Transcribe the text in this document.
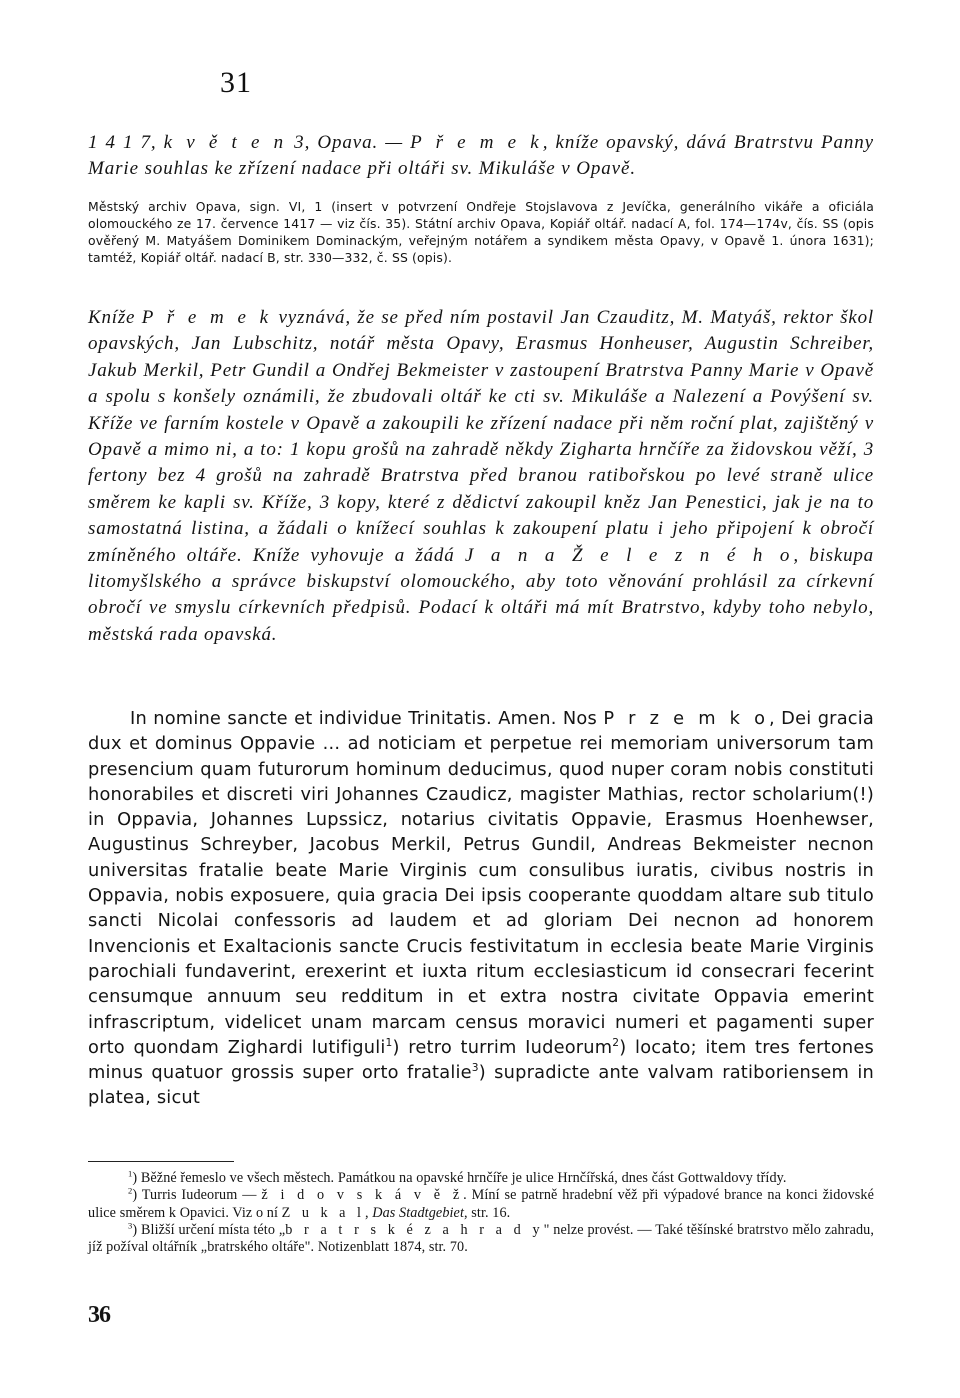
31

1 4 1 7, k v ě t e n 3, Opava. — P ř e m e k, kníže opavský, dává Bratrstvu Panny Marie souhlas ke zřízení nadace při oltáři sv. Mikuláše v Opavě.

Městský archiv Opava, sign. VI, 1 (insert v potvrzení Ondřeje Stojslavova z Jevíčka, generálního vikáře a oficiála olomouckého ze 17. července 1417 — viz čís. 35). Státní archiv Opava, Kopiář oltář. nadací A, fol. 174—174v, čís. SS (opis ověřený M. Matyášem Dominikem Dominackým, veřejným notářem a syndikem města Opavy, v Opavě 1. února 1631); tamtéž, Kopiář oltář. nadací B, str. 330—332, č. SS (opis).

Kníže P ř e m e k vyznává, že se před ním postavil Jan Czauditz, M. Matyáš, rektor škol opavských, Jan Lubschitz, notář města Opavy, Erasmus Honheuser, Augustin Schreiber, Jakub Merkil, Petr Gundil a Ondřej Bekmeister v zastoupení Bratrstva Panny Marie v Opavě a spolu s konšely oznámili, že zbudovali oltář ke cti sv. Mikuláše a Nalezení a Povýšení sv. Kříže ve farním kostele v Opavě a zakoupili ke zřízení nadace při něm roční plat, zajištěný v Opavě a mimo ni, a to: 1 kopu grošů na zahradě někdy Zigharta hrnčíře za židovskou věží, 3 fertony bez 4 grošů na zahradě Bratrstva před branou ratibořskou po levé straně ulice směrem ke kapli sv. Kříže, 3 kopy, které z dědictví zakoupil kněz Jan Penestici, jak je na to samostatná listina, a žádali o knížecí souhlas k zakoupení platu i jeho připojení k obročí zmíněného oltáře. Kníže vyhovuje a žádá J a n a Ž e l e z n é h o, biskupa litomyšlského a správce biskupství olomouckého, aby toto věnování prohlásil za církevní obročí ve smyslu církevních předpisů. Podací k oltáři má mít Bratrstvo, kdyby toho nebylo, městská rada opavská.

In nomine sancte et individue Trinitatis. Amen. Nos P r z e m k o, Dei gracia dux et dominus Oppavie ... ad noticiam et perpetue rei memoriam universorum tam presencium quam futurorum hominum deducimus, quod nuper coram nobis constituti honorabiles et discreti viri Johannes Czaudicz, magister Mathias, rector scholarium(!) in Oppavia, Johannes Lupssicz, notarius civitatis Oppavie, Erasmus Hoenhewser, Augustinus Schreyber, Jacobus Merkil, Petrus Gundil, Andreas Bekmeister necnon universitas fratalie beate Marie Virginis cum consulibus iuratis, civibus nostris in Oppavia, nobis exposuere, quia gracia Dei ipsis cooperante quoddam altare sub titulo sancti Nicolai confessoris ad laudem et ad gloriam Dei necnon ad honorem Invencionis et Exaltacionis sancte Crucis festivitatum in ecclesia beate Marie Virginis parochiali fundaverint, erexerint et iuxta ritum ecclesiasticum id consecrari fecerint censumque annuum seu redditum in et extra nostra civitate Oppavia emerint infrascriptum, videlicet unam marcam census moravici numeri et pagamenti super orto quondam Zighardi lutifiguli$^1$) retro turrim Iudeorum$^2$) locato; item tres fertones minus quatuor grossis super orto fratalie$^3$) supradicte ante valvam ratiboriensem in platea, sicut

$^1$) Běžné řemeslo ve všech městech. Památkou na opavské hrnčíře je ulice Hrnčířská, dnes část Gottwaldovy třídy.

$^2$) Turris Iudeorum — ž i d o v s k á v ě ž. Míní se patrně hradební věž při výpadové brance na konci židovské ulice směrem k Opavici. Viz o ní Z u k a l, Das Stadtgebiet, str. 16.

$^3$) Bližší určení místa této „b r a t r s k é z a h r a d y" nelze provést. — Také těšínské bratrstvo mělo zahradu, jíž požíval oltářník „bratrského oltáře". Notizenblatt 1874, str. 70.

36
